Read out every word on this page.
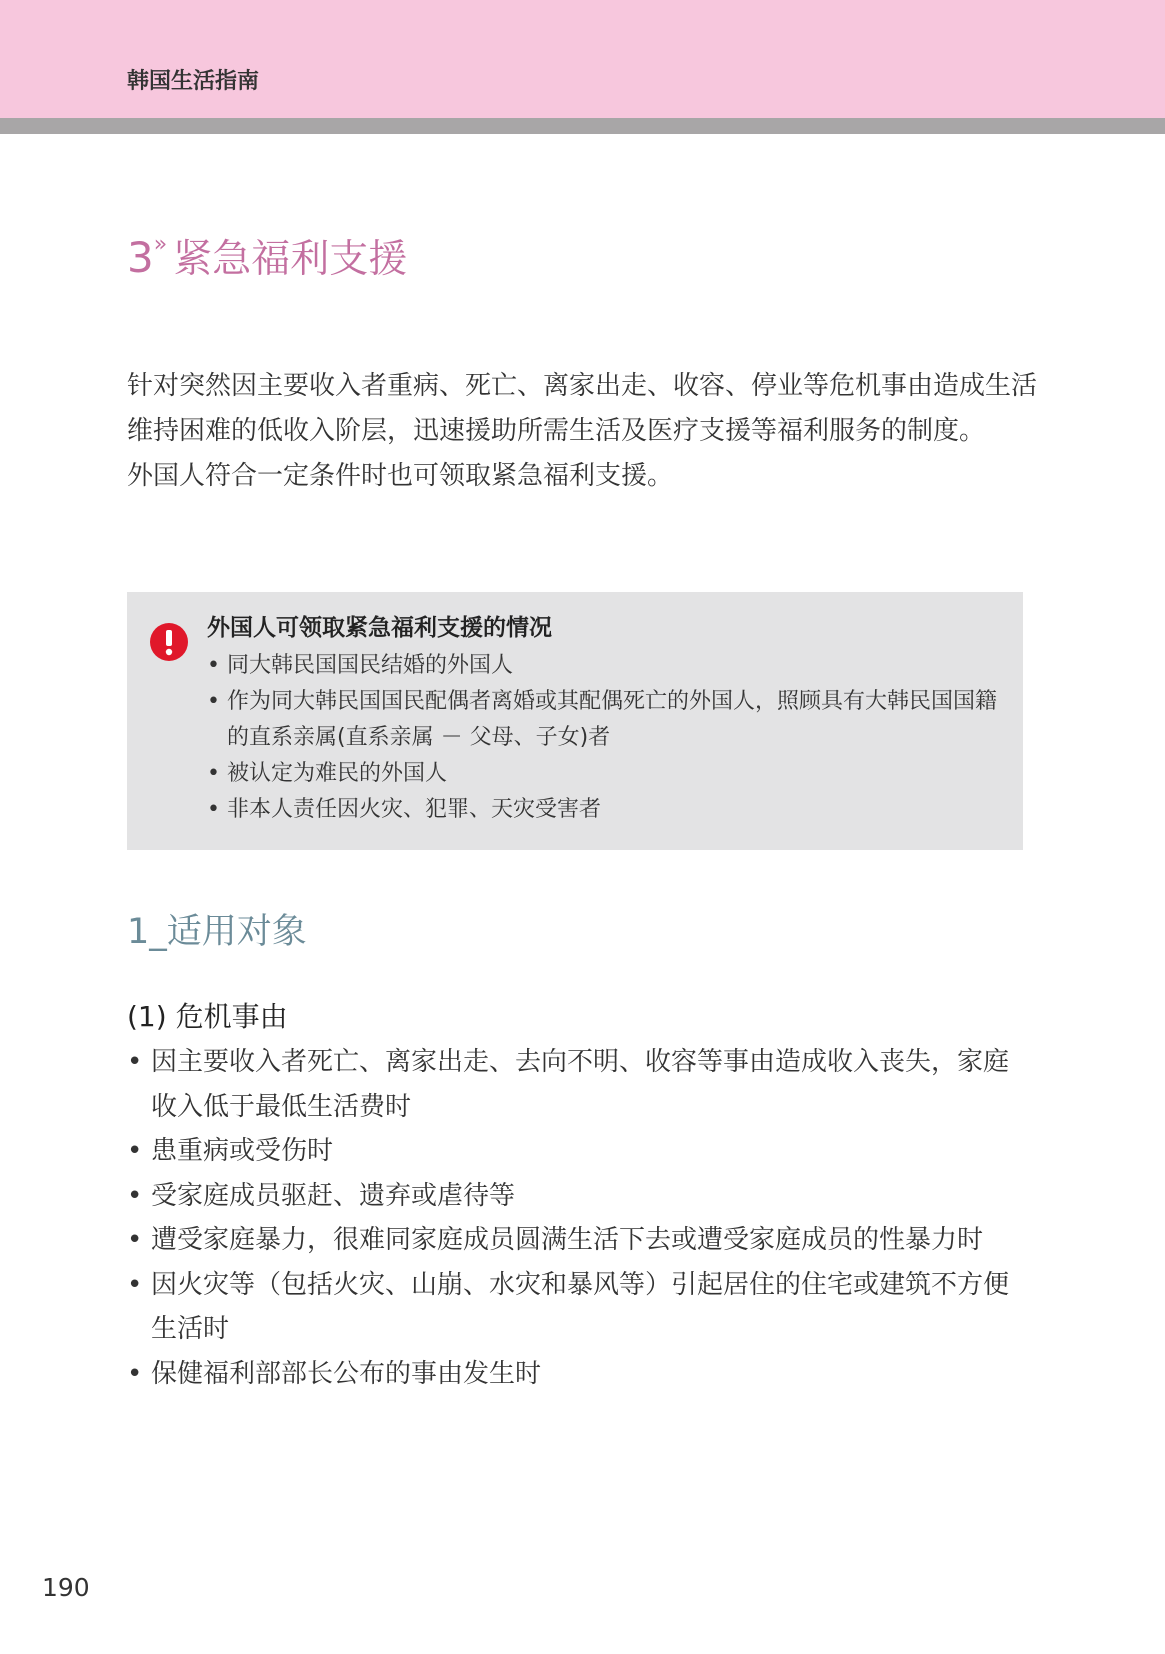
韩国生活指南
3» 紧急福利支援

针对突然因主要收入者重病、死亡、离家出走、收容、停业等危机事由造成生活维持困难的低收入阶层，迅速援助所需生活及医疗支援等福利服务的制度。

外国人符合一定条件时也可领取紧急福利支援。

外国人可领取紧急福利支援的情况
• 同大韩民国国民结婚的外国人
• 作为同大韩民国国民配偶者离婚或其配偶死亡的外国人，照顾具有大韩民国国籍的直系亲属(直系亲属 － 父母、子女)者
• 被认定为难民的外国人
• 非本人责任因火灾、犯罪、天灾受害者
1_适用对象
(1) 危机事由
• 因主要收入者死亡、离家出走、去向不明、收容等事由造成收入丧失，家庭收入低于最低生活费时
• 患重病或受伤时
• 受家庭成员驱赶、遗弃或虐待等
• 遭受家庭暴力，很难同家庭成员圆满生活下去或遭受家庭成员的性暴力时
• 因火灾等（包括火灾、山崩、水灾和暴风等）引起居住的住宅或建筑不方便生活时
• 保健福利部部长公布的事由发生时
190
